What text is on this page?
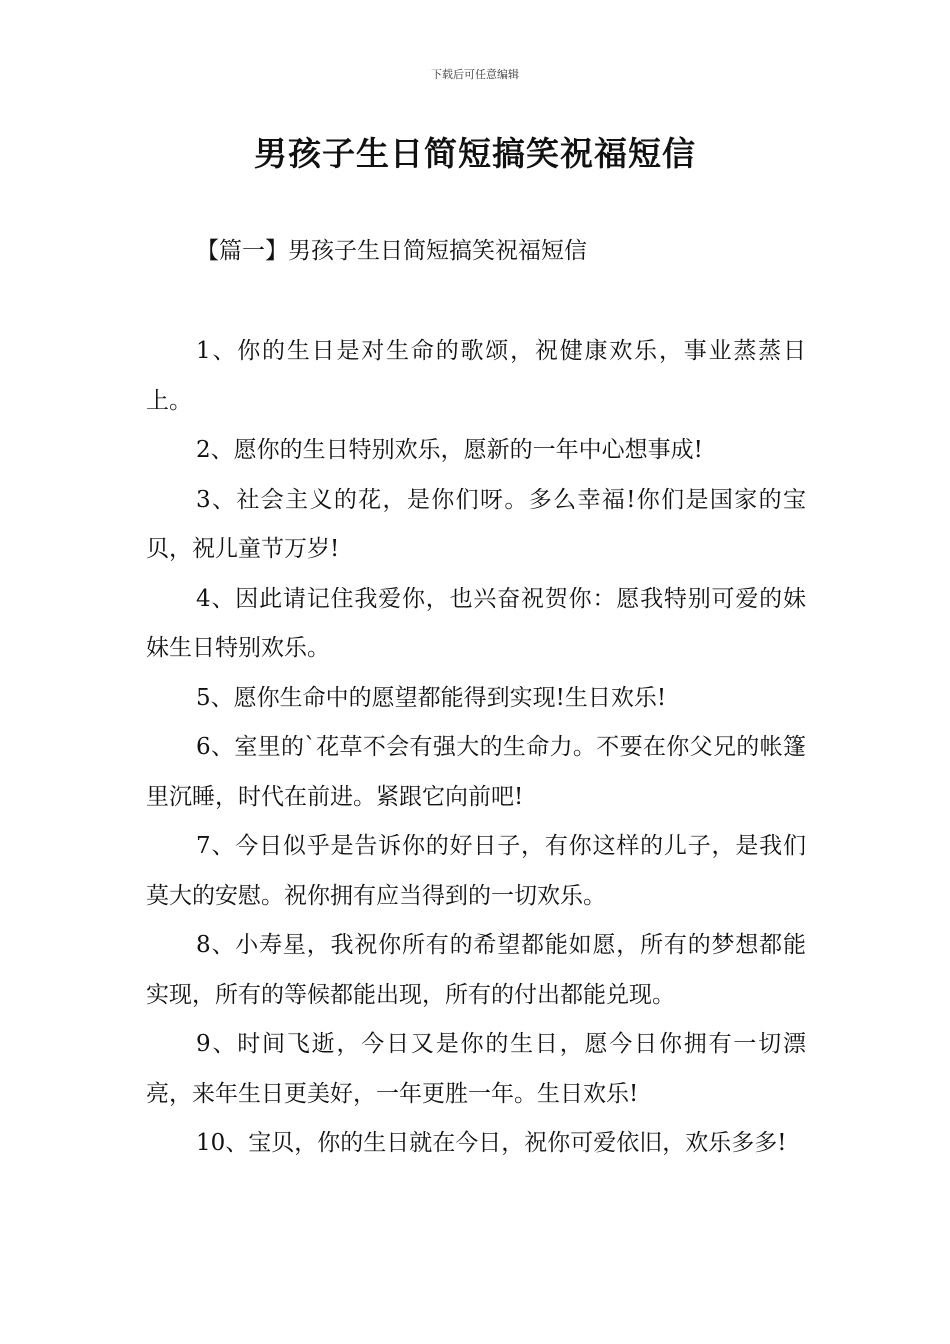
下载后可任意编辑
男孩子生日简短搞笑祝福短信
【篇一】男孩子生日简短搞笑祝福短信

1、你的生日是对生命的歌颂，祝健康欢乐，事业蒸蒸日上。

2、愿你的生日特别欢乐，愿新的一年中心想事成!

3、社会主义的花，是你们呀。多么幸福!你们是国家的宝贝，祝儿童节万岁!

4、因此请记住我爱你，也兴奋祝贺你：愿我特别可爱的妹妹生日特别欢乐。

5、愿你生命中的愿望都能得到实现!生日欢乐!

6、室里的`花草不会有强大的生命力。不要在你父兄的帐篷里沉睡，时代在前进。紧跟它向前吧!

7、今日似乎是告诉你的好日子，有你这样的儿子，是我们莫大的安慰。祝你拥有应当得到的一切欢乐。

8、小寿星，我祝你所有的希望都能如愿，所有的梦想都能实现，所有的等候都能出现，所有的付出都能兑现。

9、时间飞逝，今日又是你的生日，愿今日你拥有一切漂亮，来年生日更美好，一年更胜一年。生日欢乐!

10、宝贝，你的生日就在今日，祝你可爱依旧，欢乐多多!
